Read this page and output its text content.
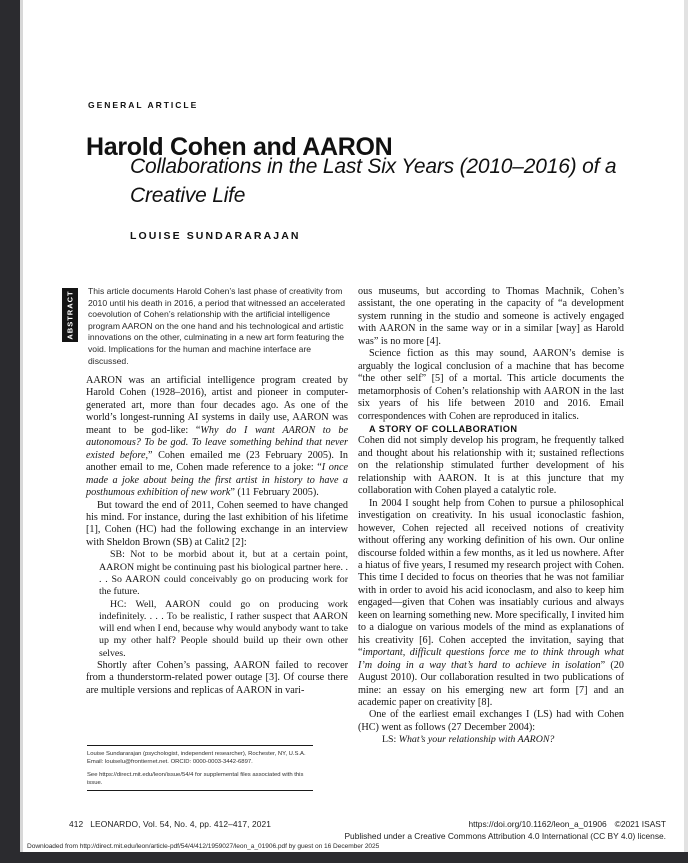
GENERAL ARTICLE
Harold Cohen and AARON
Collaborations in the Last Six Years (2010–2016) of a Creative Life
LOUISE SUNDARARAJAN
ABSTRACT This article documents Harold Cohen’s last phase of creativity from 2010 until his death in 2016, a period that witnessed an accelerated coevolution of Cohen’s relationship with the artificial intelligence program AARON on the one hand and his technological and artistic innovations on the other, culminating in a new art form featuring the void. Implications for the human and machine interface are discussed.

AARON was an artificial intelligence program created by Harold Cohen (1928–2016), artist and pioneer in computer-generated art, more than four decades ago. As one of the world’s longest-running AI systems in daily use, AARON was meant to be god-like: “Why do I want AARON to be autonomous? To be god. To leave something behind that never existed before,” Cohen emailed me (23 February 2005). In another email to me, Cohen made reference to a joke: “I once made a joke about being the first artist in history to have a posthumous exhibition of new work” (11 February 2005).

But toward the end of 2011, Cohen seemed to have changed his mind. For instance, during the last exhibition of his lifetime [1], Cohen (HC) had the following exchange in an interview with Sheldon Brown (SB) at Calit2 [2]:

SB: Not to be morbid about it, but at a certain point, AARON might be continuing past his biological partner here. . . . So AARON could conceivably go on producing work for the future.

HC: Well, AARON could go on producing work indefinitely. . . . To be realistic, I rather suspect that AARON will end when I end, because why would anybody want to take up my other half? People should build up their own other selves.

Shortly after Cohen’s passing, AARON failed to recover from a thunderstorm-related power outage [3]. Of course there are multiple versions and replicas of AARON in vari-

ous museums, but according to Thomas Machnik, Cohen’s assistant, the one operating in the capacity of “a development system running in the studio and someone is actively engaged with AARON in the same way or in a similar [way] as Harold was” is no more [4].

Science fiction as this may sound, AARON’s demise is arguably the logical conclusion of a machine that has become “the other self” [5] of a mortal. This article documents the metamorphosis of Cohen’s relationship with AARON in the last six years of his life between 2010 and 2016. Email correspondences with Cohen are reproduced in italics.

A STORY OF COLLABORATION

Cohen did not simply develop his program, he frequently talked and thought about his relationship with it; sustained reflections on the relationship stimulated further development of his relationship with AARON. It is at this juncture that my collaboration with Cohen played a catalytic role.

In 2004 I sought help from Cohen to pursue a philosophical investigation on creativity. In his usual iconoclastic fashion, however, Cohen rejected all received notions of creativity without offering any working definition of his own. Our online discourse folded within a few months, as it led us nowhere. After a hiatus of five years, I resumed my research project with Cohen. This time I decided to focus on theories that he was not familiar with in order to avoid his acid iconoclasm, and also to keep him engaged—given that Cohen was insatiably curious and always keen on learning something new. More specifically, I invited him to a dialogue on various models of the mind as explanations of his creativity [6]. Cohen accepted the invitation, saying that “important, difficult questions force me to think through what I’m doing in a way that’s hard to achieve in isolation” (20 August 2010). Our collaboration resulted in two publications of mine: an essay on his emerging new art form [7] and an academic paper on creativity [8].

One of the earliest email exchanges I (LS) had with Cohen (HC) went as follows (27 December 2004):

LS: What’s your relationship with AARON?

Louise Sundararajan (psychologist, independent researcher), Rochester, NY, U.S.A. Email: louiselu@frontiernet.net. ORCID: 0000-0003-3442-6897.

See https://direct.mit.edu/leon/issue/54/4 for supplemental files associated with this issue.

412 LEONARDO, Vol. 54, No. 4, pp. 412–417, 2021	https://doi.org/10.1162/leon_a_01906 ©2021 ISAST
Published under a Creative Commons Attribution 4.0 International (CC BY 4.0) license.
Downloaded from http://direct.mit.edu/leon/article-pdf/54/4/412/1959027/leon_a_01906.pdf by guest on 16 December 2025
